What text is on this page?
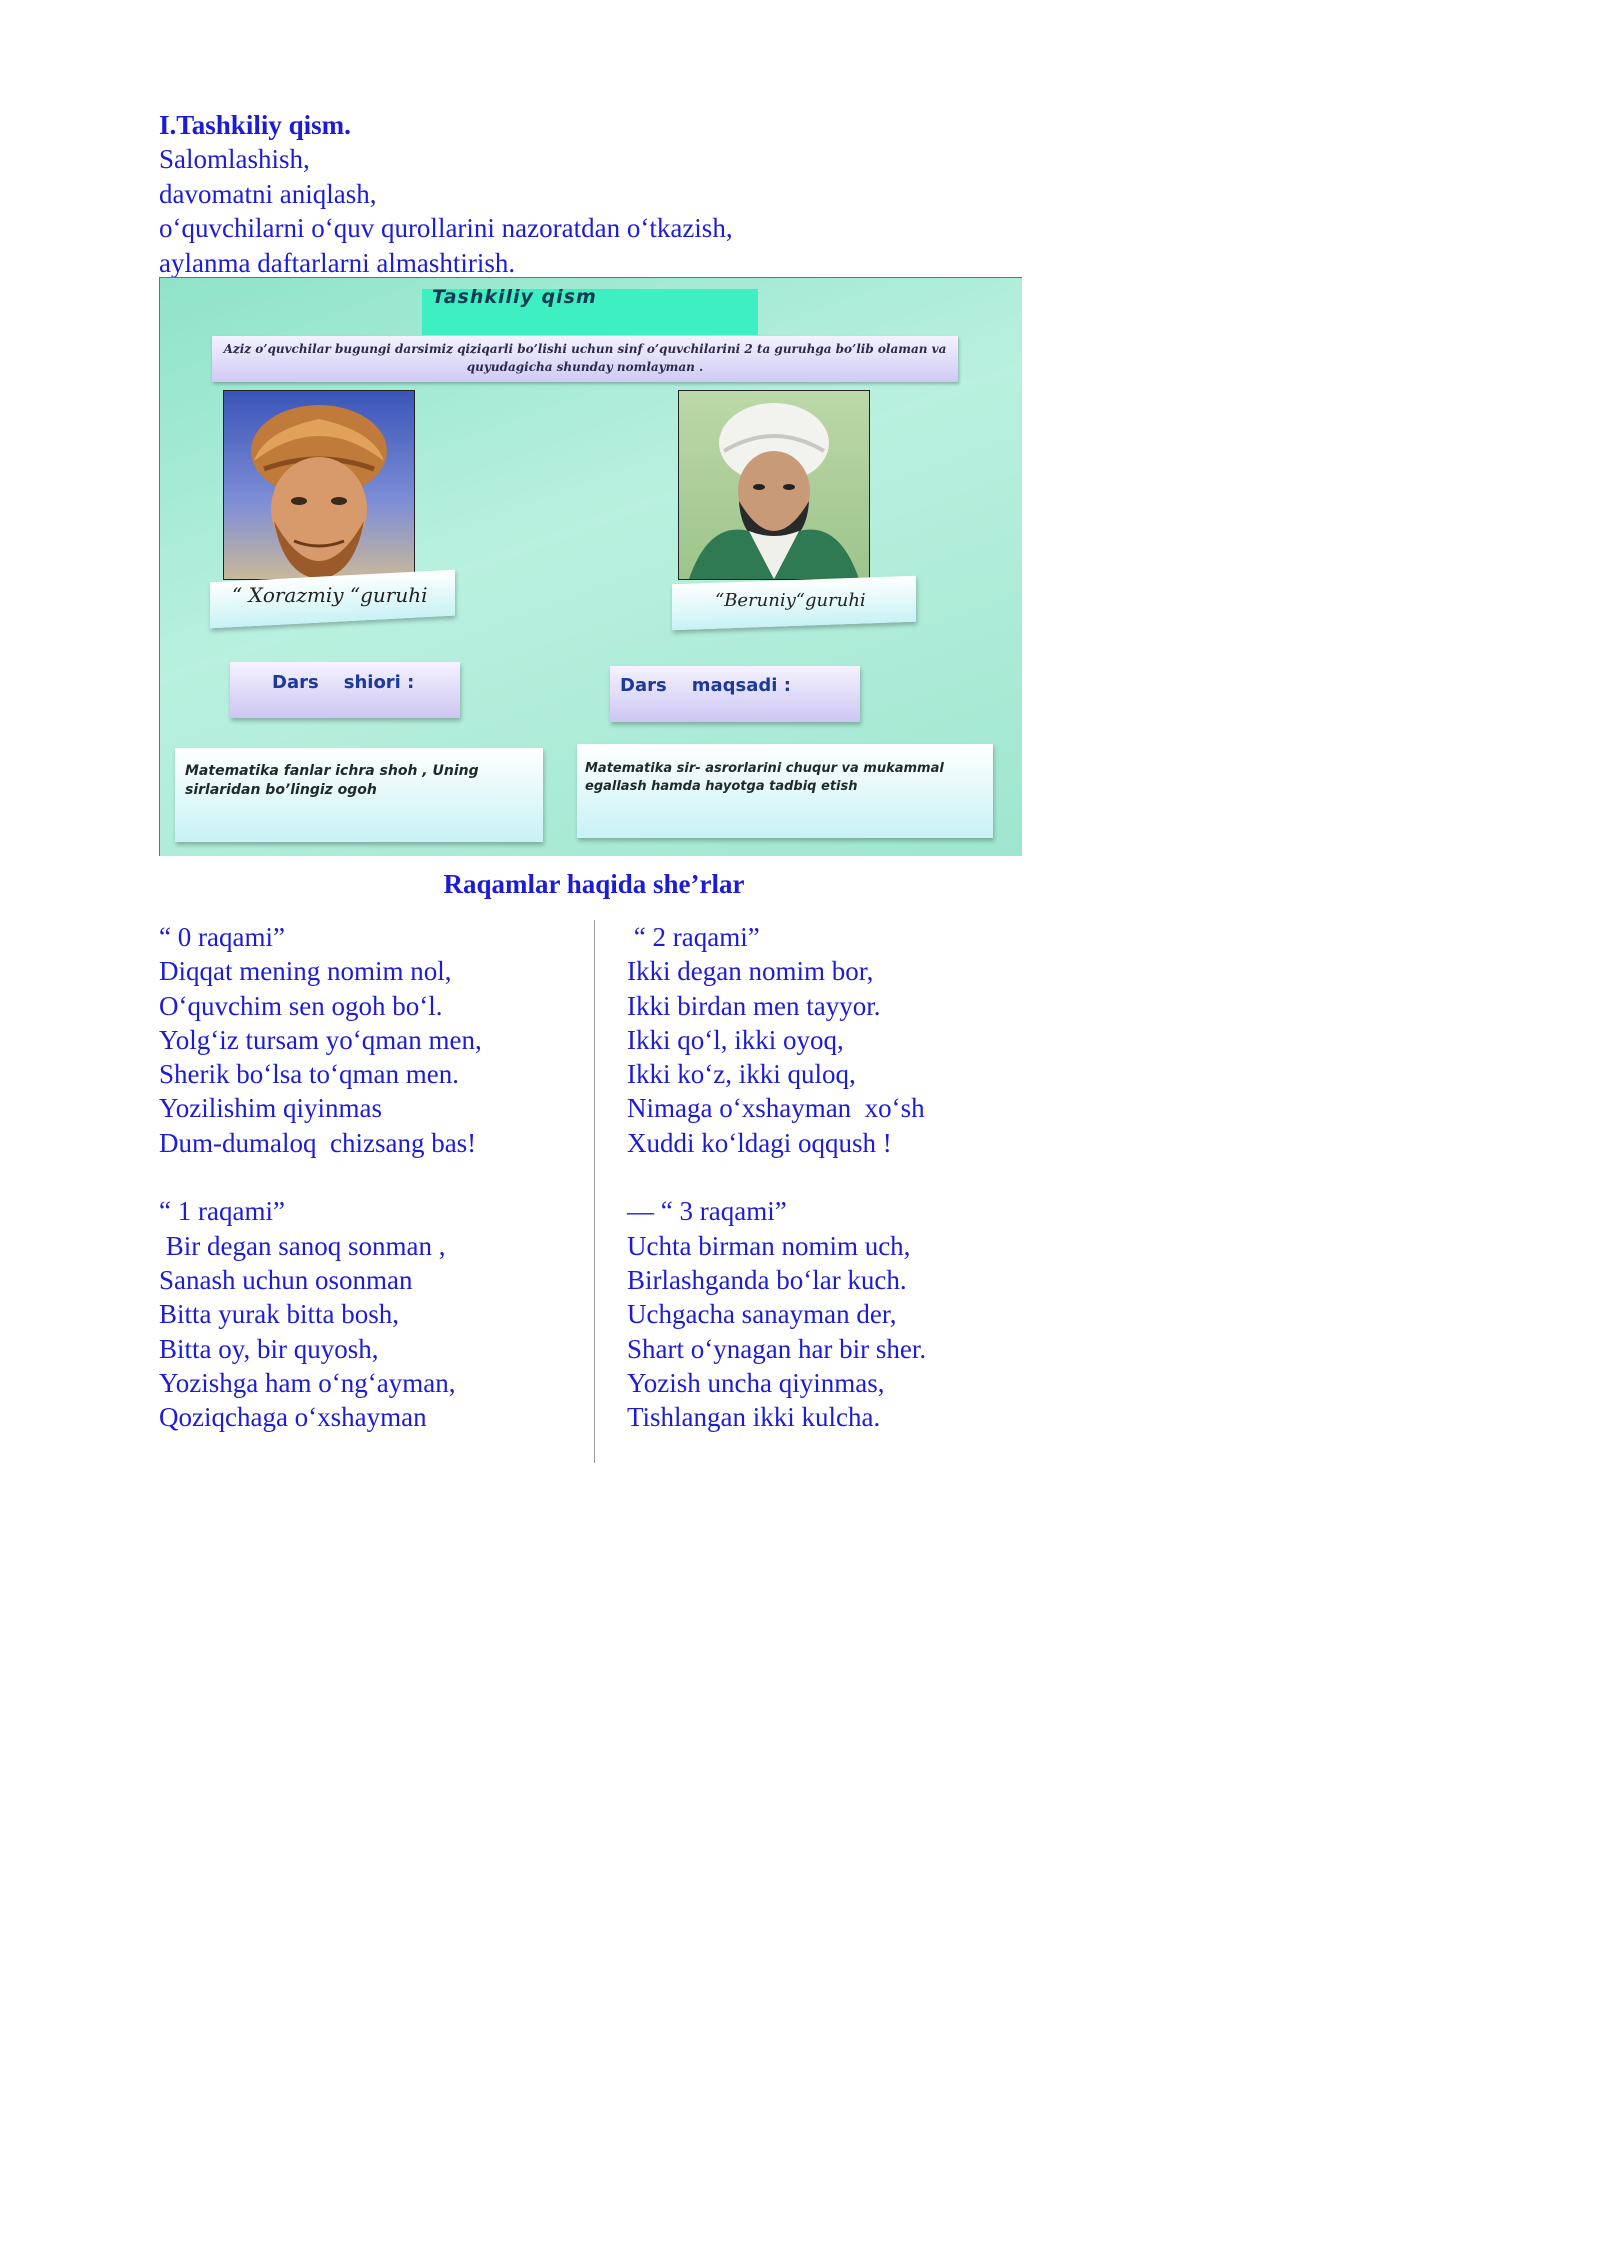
I.Tashkiliy qism.
Salomlashish,
davomatni aniqlash,
o‘quvchilarni o‘quv qurollarini nazoratdan o‘tkazish,
aylanma daftarlarni almashtirish.
Tashkiliy qism
Aziz o’quvchilar bugungi darsimiz qiziqarli bo’lishi uchun sinf o’quvchilarini 2 ta guruhga bo’lib olaman va quyudagicha shunday nomlayman .
“ Xorazmiy “guruhi	“Beruniy“guruhi
Dars    shiori :	Dars    maqsadi :
Matematika fanlar ichra shoh , Uning sirlaridan bo’lingiz ogoh
Matematika sir- asrorlarini chuqur va mukammal egallash hamda hayotga tadbiq etish
Raqamlar haqida she’rlar
“ 0 raqami”
Diqqat mening nomim nol,
O‘quvchim sen ogoh bo‘l.
Yolg‘iz tursam yo‘qman men,
Sherik bo‘lsa to‘qman men.
Yozilishim qiyinmas
Dum-dumaloq  chizsang bas!
“ 1 raqami”
Bir degan sanoq sonman ,
Sanash uchun osonman
Bitta yurak bitta bosh,
Bitta oy, bir quyosh,
Yozishga ham o‘ng‘ayman,
Qoziqchaga o‘xshayman
“ 2 raqami”
Ikki degan nomim bor,
Ikki birdan men tayyor.
Ikki qo‘l, ikki oyoq,
Ikki ko‘z, ikki quloq,
Nimaga o‘xshayman  xo‘sh
Xuddi ko‘ldagi oqqush !
— “ 3 raqami”
Uchta birman nomim uch,
Birlashganda bo‘lar kuch.
Uchgacha sanayman der,
Shart o‘ynagan har bir sher.
Yozish uncha qiyinmas,
Tishlangan ikki kulcha.
